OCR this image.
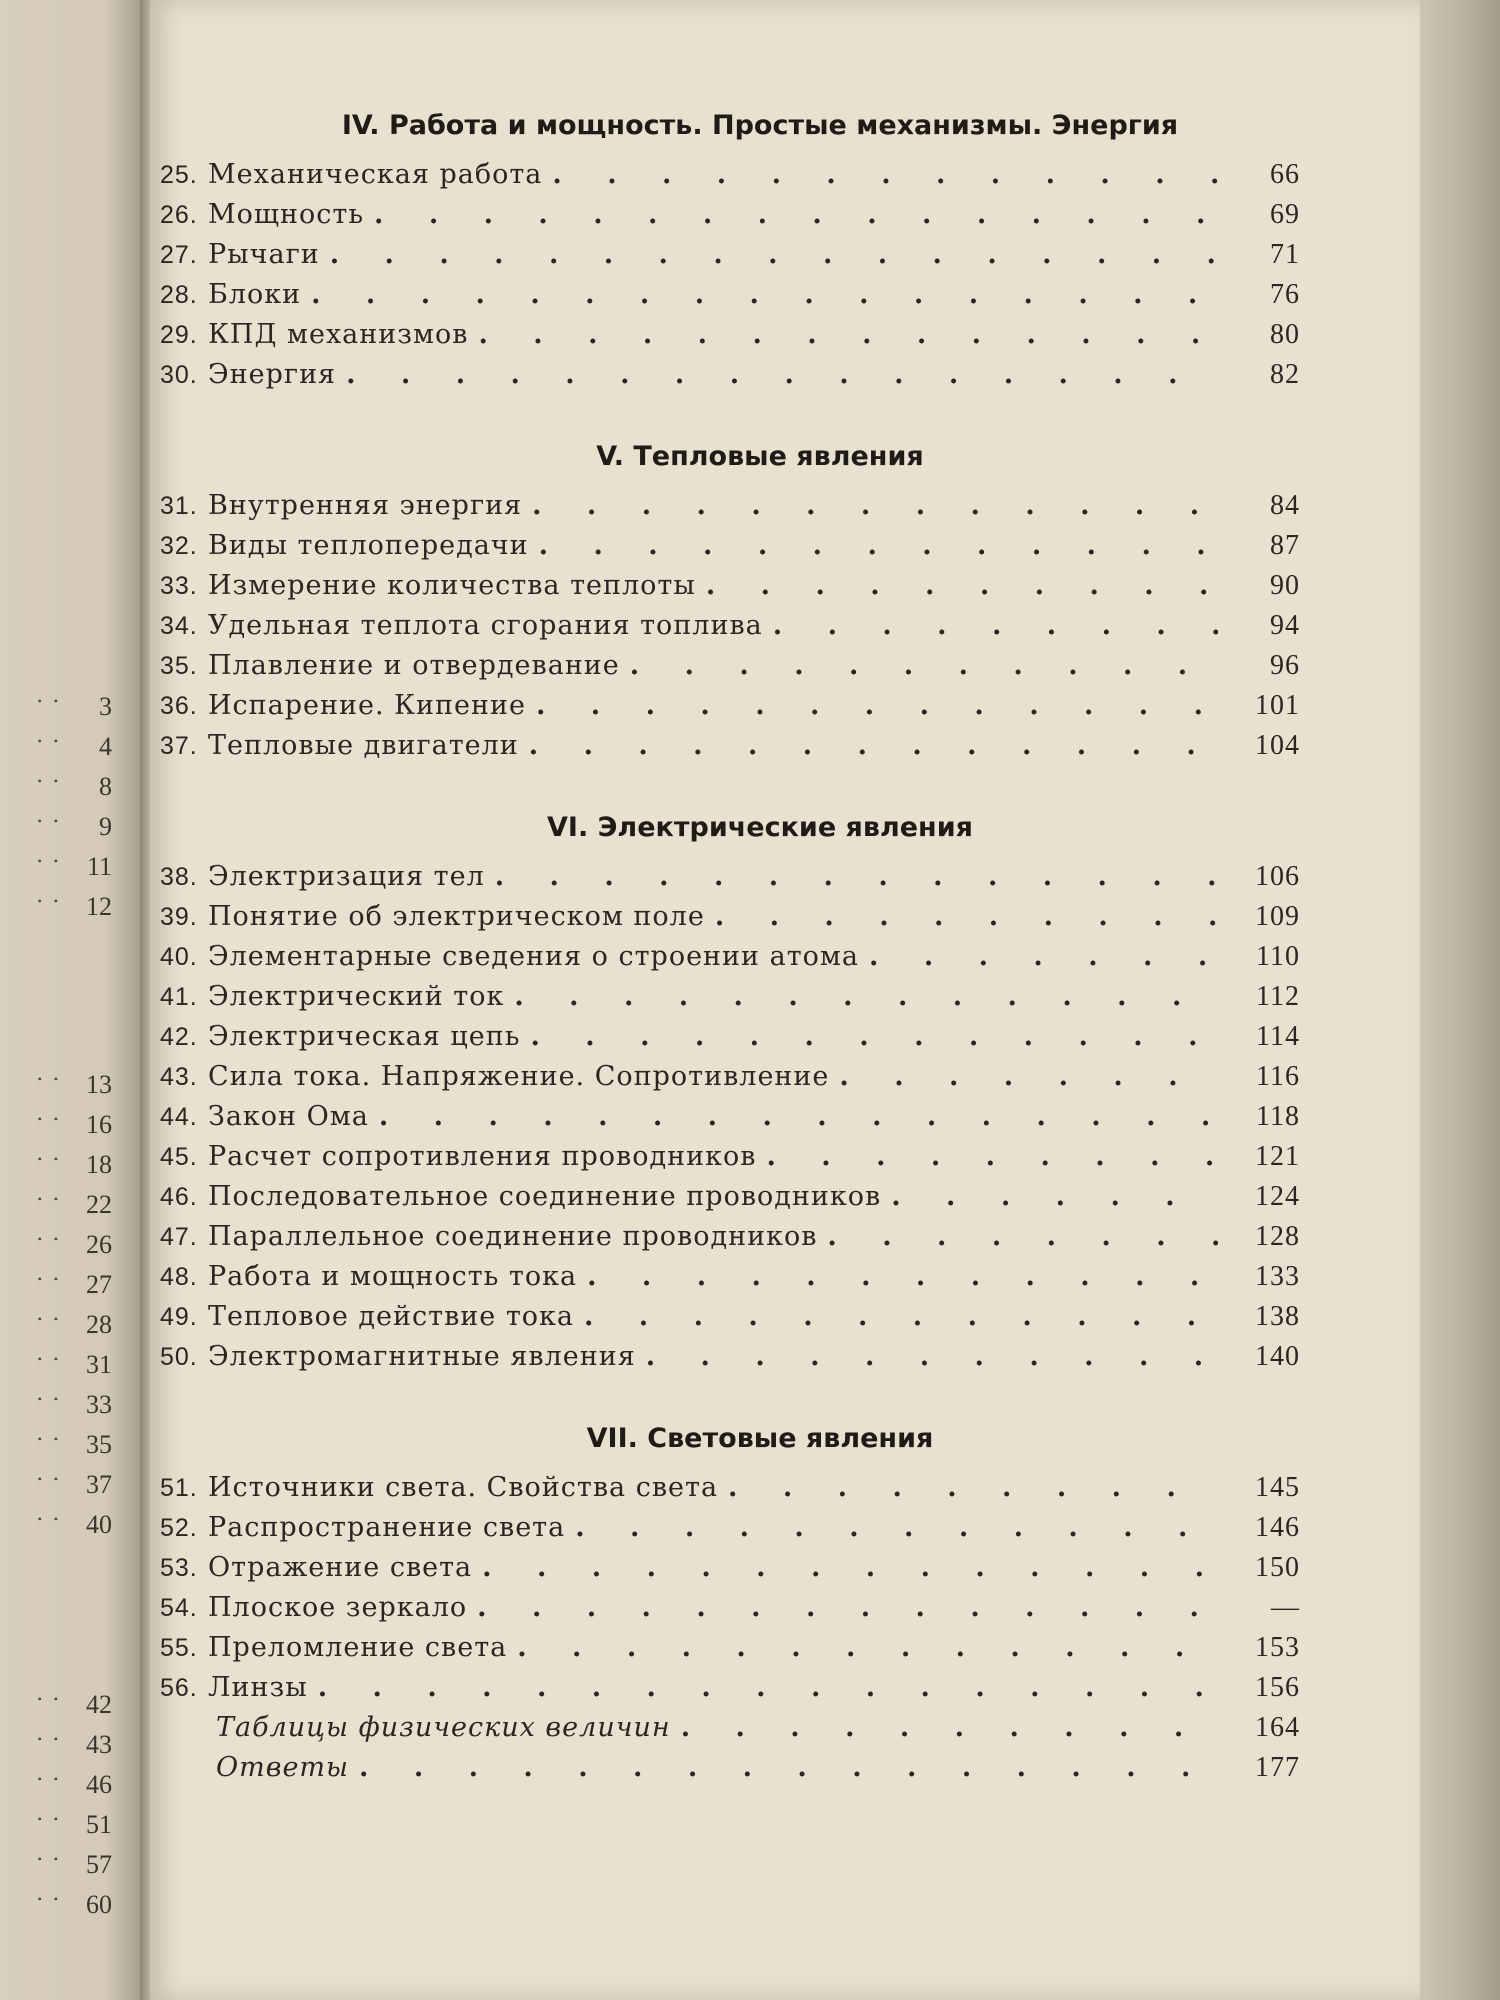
•  • 3
•  • 4
•  • 8
•  • 9
•  • 11
•  • 12
•  • 13
•  • 16
•  • 18
•  • 22
•  • 26
•  • 27
•  • 28
•  • 31
•  • 33
•  • 35
•  • 37
•  • 40
•  • 42
•  • 43
•  • 46
•  • 51
•  • 57
•  • 60
IV. Работа и мощность. Простые механизмы. Энергия
25. Механическая работа . . .	66
26. Мощность . . .	69
27. Рычаги . . .	71
28. Блоки . . .	76
29. КПД механизмов . . .	80
30. Энергия . . .	82
V. Тепловые явления
31. Внутренняя энергия . . .	84
32. Виды теплопередачи . . .	87
33. Измерение количества теплоты . . .	90
34. Удельная теплота сгорания топлива . . .	94
35. Плавление и отвердевание . . .	96
36. Испарение. Кипение . . .	101
37. Тепловые двигатели . . .	104
VI. Электрические явления
38. Электризация тел . . .	106
39. Понятие об электрическом поле . . .	109
40. Элементарные сведения о строении атома . . .	110
41. Электрический ток . . .	112
42. Электрическая цепь . . .	114
43. Сила тока. Напряжение. Сопротивление . . .	116
44. Закон Ома . . .	118
45. Расчет сопротивления проводников . . .	121
46. Последовательное соединение проводников . . .	124
47. Параллельное соединение проводников . . .	128
48. Работа и мощность тока . . .	133
49. Тепловое действие тока . . .	138
50. Электромагнитные явления . . .	140
VII. Световые явления
51. Источники света. Свойства света . . .	145
52. Распространение света . . .	146
53. Отражение света . . .	150
54. Плоское зеркало . . .	—
55. Преломление света . . .	153
56. Линзы . . .	156
Таблицы физических величин . . .	164
Ответы . . .	177
